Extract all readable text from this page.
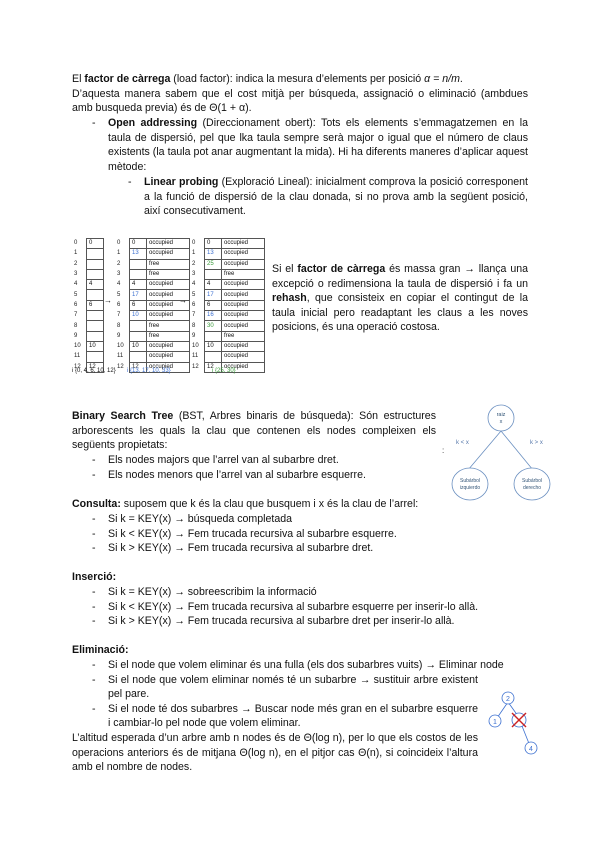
El factor de càrrega (load factor): indica la mesura d’elements per posició α = n/m.
D’aquesta manera sabem que el cost mitjà per búsqueda, assignació o eliminació (ambdues amb busqueda previa) és de Θ(1 + α).
- Open addressing (Direccionament obert): Tots els elements s’emmagatzemen en la taula de dispersió, pel que lka taula sempre serà major o igual que el número de claus existents (la taula pot anar augmentant la mida). Hi ha diferents maneres d’aplicar aquest mètode:
- Linear probing (Exploració Lineal): inicialment comprova la posició corresponent a la funció de dispersió de la clau donada, si no prova amb la següent posició, així consecutivament.
0	0
1	
2	
3	
4	4
5	
6	6
7	
8	
9	
10	10
11	
12	12
→
0	0	occupied
1	13	occupied
2		free
3		free
4	4	occupied
5	17	occupied
6	6	occupied
7	10	occupied
8		free
9		free
10	10	occupied
11		occupied
12	12	occupied
→
0	0	occupied
1	13	occupied
2	25	occupied
3		free
4	4	occupied
5	17	occupied
6	6	occupied
7	16	occupied
8	30	occupied
9		free
10	10	occupied
11		occupied
12	12	occupied
i {0, 4, 6, 10, 12} i {13, 17, 10, 33}	i {25, 30}
Si el factor de càrrega és massa gran → llança una excepció o redimensiona la taula de dispersió i fa un rehash, que consisteix en copiar el contingut de la taula inicial pero readaptant les claus a les noves posicions, és una operació costosa.
Binary Search Tree (BST, Arbres binaris de búsqueda): Són estructures arborescents les quals la clau que contenen els nodes compleixen els següents propietats:
- Els nodes majors que l’arrel van al subarbre dret.
- Els nodes menors que l’arrel van al subarbre esquerre.
raiz
x
k < x	k > x
Subárbol
izquierdo
Subárbol
derecho
:
Consulta: suposem que k és la clau que busquem i x és la clau de l’arrel:
- Si k = KEY(x) → búsqueda completada
- Si k < KEY(x) → Fem trucada recursiva al subarbre esquerre.
- Si k > KEY(x) → Fem trucada recursiva al subarbre dret.
Inserció:
- Si k = KEY(x) → sobreescribim la informació
- Si k < KEY(x) → Fem trucada recursiva al subarbre esquerre per inserir-lo allà.
- Si k > KEY(x) → Fem trucada recursiva al subarbre dret per inserir-lo allà.
Eliminació:
- Si el node que volem eliminar és una fulla (els dos subarbres vuits) → Eliminar node
- Si el node que volem eliminar només té un subarbre → sustituir arbre existent pel pare.
- Si el node té dos subarbres → Buscar node més gran en el subarbre esquerre i cambiar-lo pel node que volem eliminar.
L’altitud esperada d’un arbre amb n nodes és de Θ(log n), per lo que els costos de les operacions anteriors és de mitjana Θ(log n), en el pitjor cas Θ(n), si coincideix l’altura amb el nombre de nodes.
2
1
4
